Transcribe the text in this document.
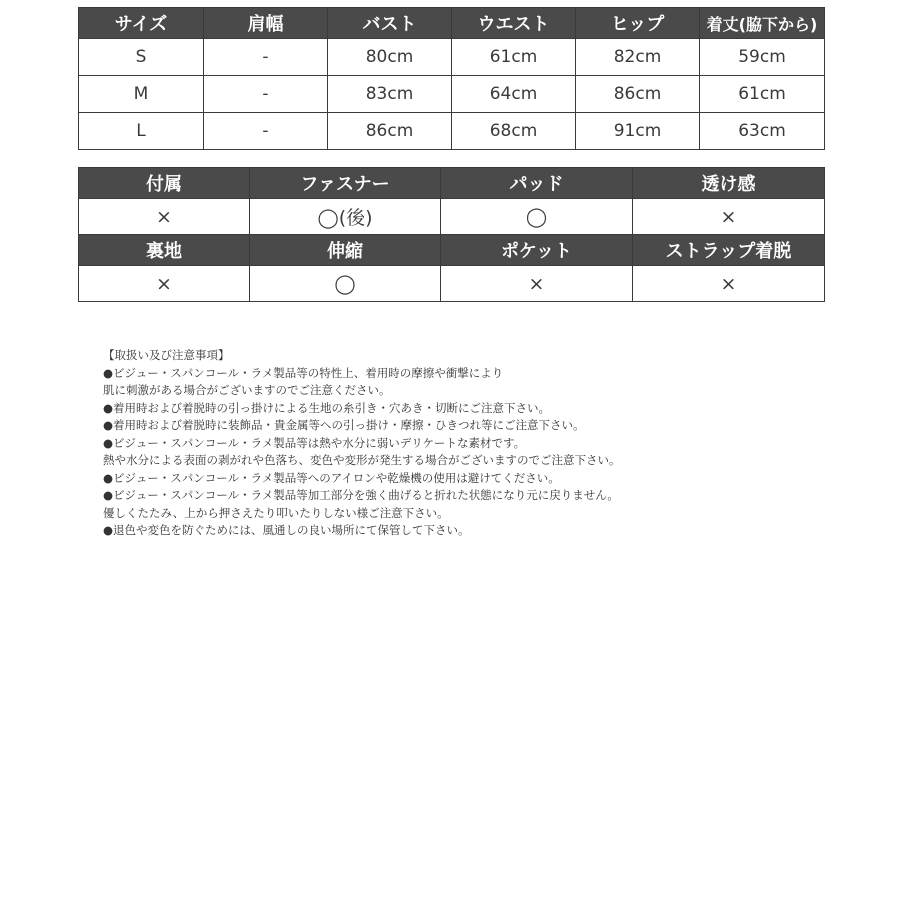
サイズ	肩幅	バスト	ウエスト	ヒップ	着丈(脇下から)
S	-	80cm	61cm	82cm	59cm
M	-	83cm	64cm	86cm	61cm
L	-	86cm	68cm	91cm	63cm
付属	ファスナー	パッド	透け感
×	◯(後)	◯	×
裏地	伸縮	ポケット	ストラップ着脱
×	◯	×	×
【取扱い及び注意事項】
●ビジュー・スパンコール・ラメ製品等の特性上、着用時の摩擦や衝撃により
肌に刺激がある場合がございますのでご注意ください。
●着用時および着脱時の引っ掛けによる生地の糸引き・穴あき・切断にご注意下さい。
●着用時および着脱時に装飾品・貴金属等への引っ掛け・摩擦・ひきつれ等にご注意下さい。
●ビジュー・スパンコール・ラメ製品等は熱や水分に弱いデリケートな素材です。
熱や水分による表面の剥がれや色落ち、変色や変形が発生する場合がございますのでご注意下さい。
●ビジュー・スパンコール・ラメ製品等へのアイロンや乾燥機の使用は避けてください。
●ビジュー・スパンコール・ラメ製品等加工部分を強く曲げると折れた状態になり元に戻りません。
優しくたたみ、上から押さえたり叩いたりしない様ご注意下さい。
●退色や変色を防ぐためには、風通しの良い場所にて保管して下さい。
